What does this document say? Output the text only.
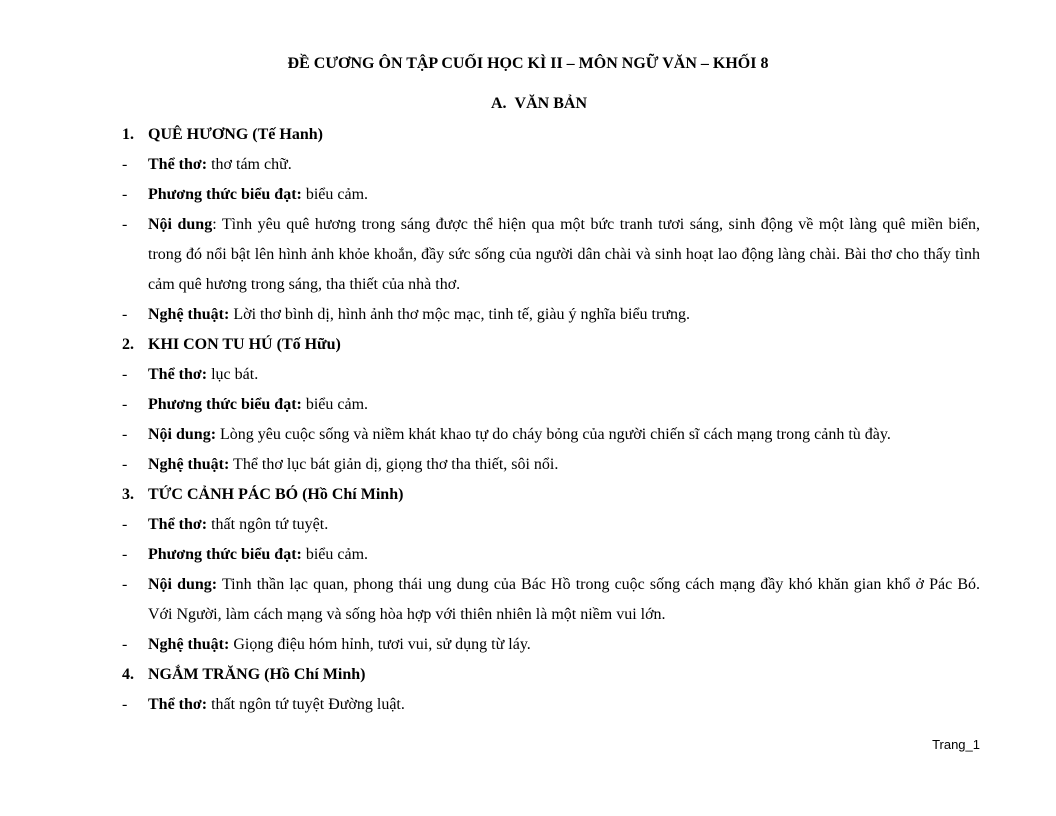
ĐỀ CƯƠNG ÔN TẬP CUỐI HỌC KÌ II – MÔN NGỮ VĂN – KHỐI 8
A. VĂN BẢN
1. QUÊ HƯƠNG (Tế Hanh)
-	Thể thơ: thơ tám chữ.
-	Phương thức biểu đạt: biểu cảm.
-	Nội dung: Tình yêu quê hương trong sáng được thể hiện qua một bức tranh tươi sáng, sinh động về một làng quê miền biển, trong đó nổi bật lên hình ảnh khỏe khoắn, đầy sức sống của người dân chài và sinh hoạt lao động làng chài. Bài thơ cho thấy tình cảm quê hương trong sáng, tha thiết của nhà thơ.
-	Nghệ thuật: Lời thơ bình dị, hình ảnh thơ mộc mạc, tinh tế, giàu ý nghĩa biểu trưng.
2. KHI CON TU HÚ (Tố Hữu)
-	Thể thơ: lục bát.
-	Phương thức biểu đạt: biểu cảm.
-	Nội dung: Lòng yêu cuộc sống và niềm khát khao tự do cháy bỏng của người chiến sĩ cách mạng trong cảnh tù đày.
-	Nghệ thuật: Thể thơ lục bát giản dị, giọng thơ tha thiết, sôi nổi.
3. TỨC CẢNH PÁC BÓ (Hồ Chí Minh)
-	Thể thơ: thất ngôn tứ tuyệt.
-	Phương thức biểu đạt: biểu cảm.
-	Nội dung: Tinh thần lạc quan, phong thái ung dung của Bác Hồ trong cuộc sống cách mạng đầy khó khăn gian khổ ở Pác Bó. Với Người, làm cách mạng và sống hòa hợp với thiên nhiên là một niềm vui lớn.
-	Nghệ thuật: Giọng điệu hóm hỉnh, tươi vui, sử dụng từ láy.
4. NGẮM TRĂNG (Hồ Chí Minh)
-	Thể thơ: thất ngôn tứ tuyệt Đường luật.
Trang_1
